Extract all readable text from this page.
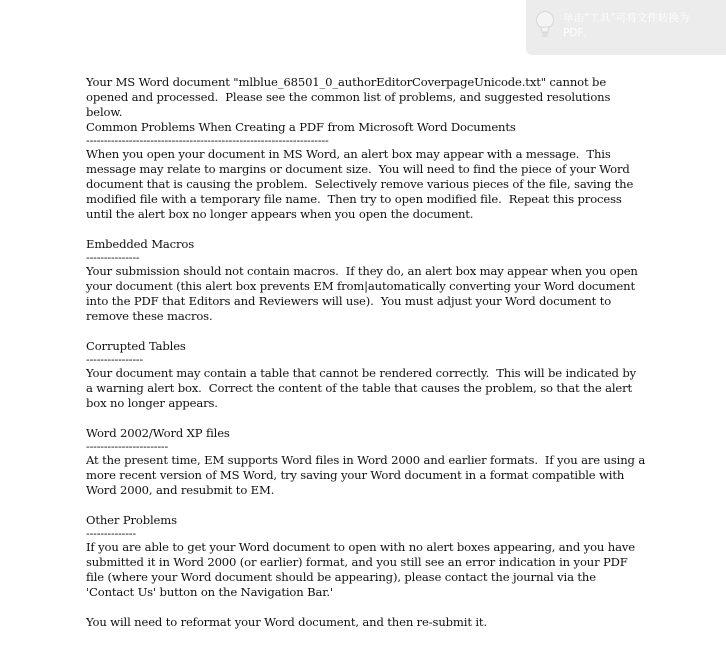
单击“工具”可将文件转换为PDF。

Your MS Word document "mlblue_68501_0_authorEditorCoverpageUnicode.txt" cannot be opened and processed.  Please see the common list of problems, and suggested resolutions below.

Common Problems When Creating a PDF from Microsoft Word Documents

--------------------------------------------------------------------

When you open your document in MS Word, an alert box may appear with a message.  This message may relate to margins or document size.  You will need to find the piece of your Word document that is causing the problem.  Selectively remove various pieces of the file, saving the modified file with a temporary file name.  Then try to open modified file.  Repeat this process until the alert box no longer appears when you open the document.

Embedded Macros

---------------

Your submission should not contain macros.  If they do, an alert box may appear when you open your document (this alert box prevents EM from|automatically converting your Word document into the PDF that Editors and Reviewers will use).  You must adjust your Word document to remove these macros.

Corrupted Tables

----------------

Your document may contain a table that cannot be rendered correctly.  This will be indicated by a warning alert box.  Correct the content of the table that causes the problem, so that the alert box no longer appears.

Word 2002/Word XP files

-----------------------

At the present time, EM supports Word files in Word 2000 and earlier formats.  If you are using a more recent version of MS Word, try saving your Word document in a format compatible with Word 2000, and resubmit to EM.

Other Problems

--------------

If you are able to get your Word document to open with no alert boxes appearing, and you have submitted it in Word 2000 (or earlier) format, and you still see an error indication in your PDF file (where your Word document should be appearing), please contact the journal via the 'Contact Us' button on the Navigation Bar.'

You will need to reformat your Word document, and then re-submit it.
